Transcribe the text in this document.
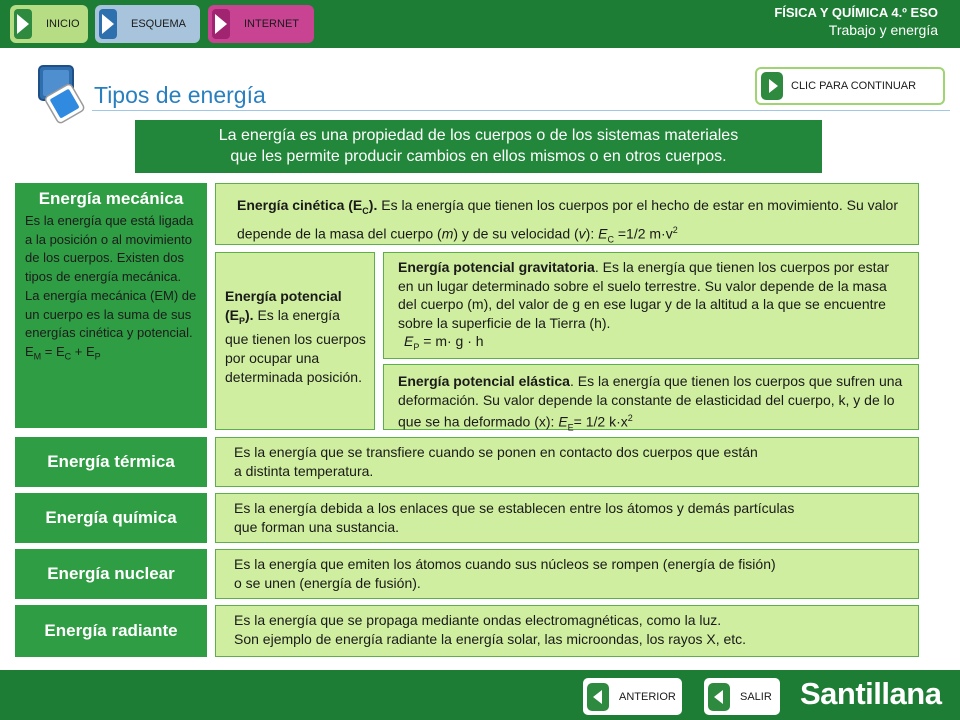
INICIO	ESQUEMA	INTERNET
FÍSICA Y QUÍMICA 4.º ESO
Trabajo y energía
Tipos de energía	CLIC PARA CONTINUAR
La energía es una propiedad de los cuerpos o de los sistemas materiales
que les permite producir cambios en ellos mismos o en otros cuerpos.
Energía mecánica
Es la energía que está ligada a la posición o al movimiento de los cuerpos. Existen dos tipos de energía mecánica. La energía mecánica (EM) de un cuerpo es la suma de sus energías cinética y potencial.
$E_M = E_C + E_P$
Energía cinética $(E_C)$. Es la energía que tienen los cuerpos por el hecho de estar en movimiento. Su valor depende de la masa del cuerpo (m) y de su velocidad (v): $E_C =1/2$ $m\cdot v^2$
Energía potencial $(E_P)$. Es la energía que tienen los cuerpos por ocupar una determinada posición.
Energía potencial gravitatoria. Es la energía que tienen los cuerpos por estar en un lugar determinado sobre el suelo terrestre. Su valor depende de la masa del cuerpo (m), del valor de g en ese lugar y de la altitud a la que se encuentre sobre la superficie de la Tierra (h).
$E_P = m\cdot g \cdot h$
Energía potencial elástica. Es la energía que tienen los cuerpos que sufren una deformación. Su valor depende la constante de elasticidad del cuerpo, k, y de lo que se ha deformado (x): $E_E= 1/2$ $k\cdot x^2$
Energía térmica	Es la energía que se transfiere cuando se ponen en contacto dos cuerpos que están
a distinta temperatura.
Energía química	Es la energía debida a los enlaces que se establecen entre los átomos y demás partículas
que forman una sustancia.
Energía nuclear	Es la energía que emiten los átomos cuando sus núcleos se rompen (energía de fisión)
o se unen (energía de fusión).
Energía radiante
Es la energía que se propaga mediante ondas electromagnéticas, como la luz.
Son ejemplo de energía radiante la energía solar, las microondas, los rayos X, etc.
ANTERIOR	SALIR Santillana
